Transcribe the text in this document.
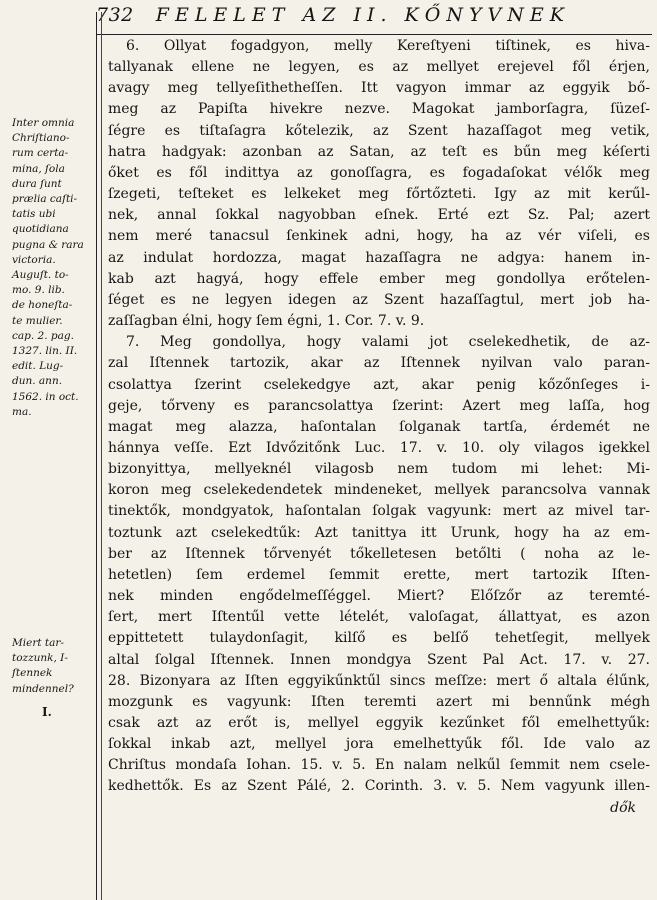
732 FELELET AZ II. KŐNYVNEK
6. Ollyat fogadgyon, melly Kereſtyeni tiſtinek, es hiva-
tallyanak ellene ne legyen, es az mellyet erejevel fől érjen,
avagy meg tellyeſithetheſſen. Itt vagyon immar az eggyik bő-
meg az Papiſta hivekre nezve. Magokat jamborſagra, ſüzeſ-
ſégre es tiſtaſagra kőtelezik, az Szent hazaſſagot meg vetik,
hatra hadgyak: azonban az Satan, az teſt es bűn meg kéſerti
őket es fől indittya az gonoſſagra, es fogadaſokat vélők meg
ſzegeti, teſteket es lelkeket meg főrtőzteti. Igy az mit kerűl-
nek, annal ſokkal nagyobban eſnek. Erté ezt Sz. Pal; azert
nem meré tanacsul ſenkinek adni, hogy, ha az vér viſeli, es
az indulat hordozza, magat hazaſſagra ne adgya: hanem in-
kab azt hagyá, hogy effele ember meg gondollya erőtelen-
ſéget es ne legyen idegen az Szent hazaſſagtul, mert job ha-
zaſſagban élni, hogy ſem égni, 1. Cor. 7. v. 9.
7. Meg gondollya, hogy valami jot cselekedhetik, de az-
zal Iſtennek tartozik, akar az Iſtennek nyilvan valo paran-
csolattya ſzerint cselekedgye azt, akar penig kőzőnſeges i-
geje, tőrveny es parancsolattya ſzerint: Azert meg laſſa, hog
magat meg alazza, haſontalan ſolganak tartſa, érdemét ne
hánnya veſſe. Ezt Idvőzitőnk Luc. 17. v. 10. oly vilagos igekkel
bizonyittya, mellyeknél vilagosb nem tudom mi lehet: Mi-
koron meg cselekedendetek mindeneket, mellyek parancsolva vannak
tinektők, mondgyatok, haſontalan ſolgak vagyunk: mert az mivel tar-
toztunk azt cselekedtűk: Azt tanittya itt Urunk, hogy ha az em-
ber az Iſtennek tőrvenyét tőkelletesen betőlti ( noha az le-
hetetlen) ſem erdemel ſemmit erette, mert tartozik Iſten-
nek minden engődelmeſſéggel. Miert? Előſzőr az teremté-
ſert, mert Iſtentűl vette lételét, valoſagat, állattyat, es azon
eppittetett tulaydonſagit, kilſő es belſő tehetſegit, mellyek
altal ſolgal Iſtennek. Innen mondgya Szent Pal Act. 17. v. 27.
28. Bizonyara az Iſten eggyikűnktűl sincs meſſze: mert ő altala élűnk,
mozgunk es vagyunk: Iſten teremti azert mi bennűnk mégh
csak azt az erőt is, mellyel eggyik kezűnket fől emelhettyűk:
ſokkal inkab azt, mellyel jora emelhettyűk fől. Ide valo az
Chriſtus mondaſa Iohan. 15. v. 5. En nalam nelkűl ſemmit nem csele-
kedhettők. Es az Szent Pálé, 2. Corinth. 3. v. 5. Nem vagyunk illen-
dők
Inter omnia
Chriſtiano-
rum certa-
mina, ſola
dura ſunt
prælia caſti-
tatis ubi
quotidiana
pugna & rara
victoria.
Auguſt. to-
mo. 9. lib.
de honeſta-
te mulier.
cap. 2. pag.
1327. lin. II.
edit. Lug-
dun. ann.
1562. in oct.
ma.
Miert tar-
tozzunk, I-
ſtennek
mindennel?
I.
